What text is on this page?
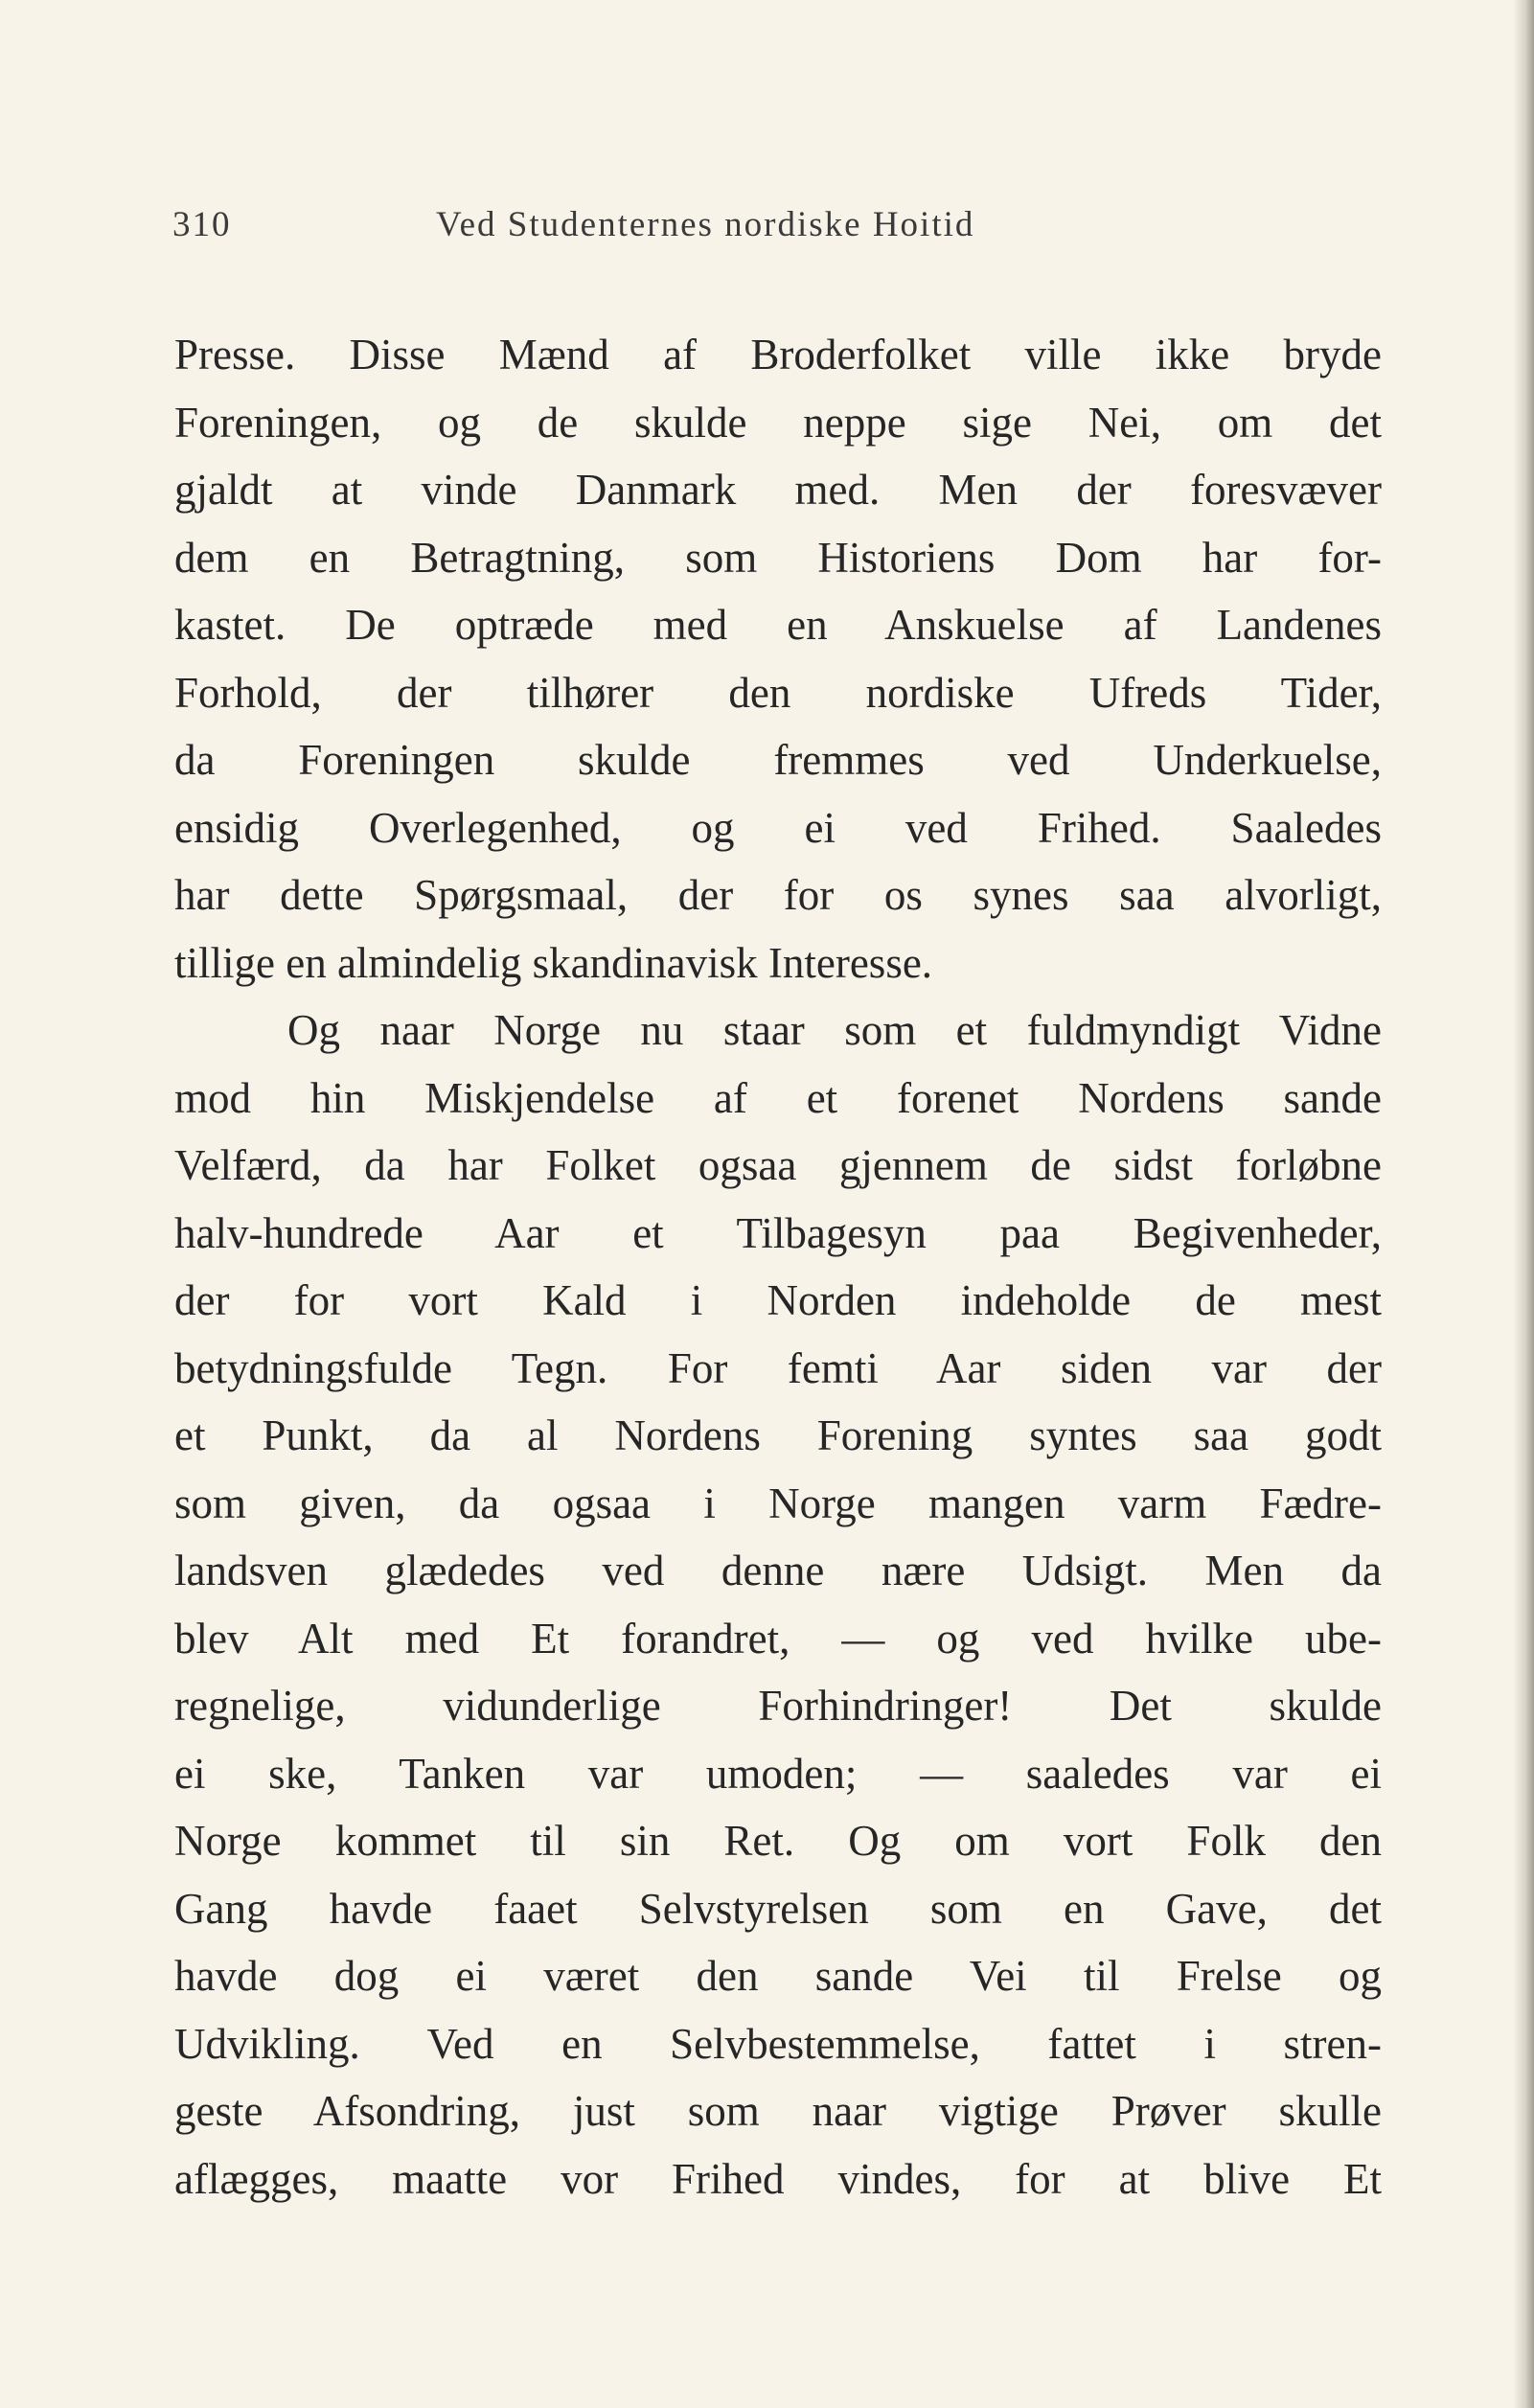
310	Ved Studenternes nordiske Hoitid
Presse. Disse Mænd af Broderfolket ville ikke bryde
Foreningen, og de skulde neppe sige Nei, om det
gjaldt at vinde Danmark med. Men der foresvæver
dem en Betragtning, som Historiens Dom har for-
kastet. De optræde med en Anskuelse af Landenes
Forhold, der tilhører den nordiske Ufreds Tider,
da Foreningen skulde fremmes ved Underkuelse,
ensidig Overlegenhed, og ei ved Frihed. Saaledes
har dette Spørgsmaal, der for os synes saa alvorligt,
tillige en almindelig skandinavisk Interesse.
Og naar Norge nu staar som et fuldmyndigt Vidne
mod hin Miskjendelse af et forenet Nordens sande
Velfærd, da har Folket ogsaa gjennem de sidst forløbne
halv-hundrede Aar et Tilbagesyn paa Begivenheder,
der for vort Kald i Norden indeholde de mest
betydningsfulde Tegn. For femti Aar siden var der
et Punkt, da al Nordens Forening syntes saa godt
som given, da ogsaa i Norge mangen varm Fædre-
landsven glædedes ved denne nære Udsigt. Men da
blev Alt med Et forandret, — og ved hvilke ube-
regnelige, vidunderlige Forhindringer! Det skulde
ei ske, Tanken var umoden; — saaledes var ei
Norge kommet til sin Ret. Og om vort Folk den
Gang havde faaet Selvstyrelsen som en Gave, det
havde dog ei været den sande Vei til Frelse og
Udvikling. Ved en Selvbestemmelse, fattet i stren-
geste Afsondring, just som naar vigtige Prøver skulle
aflægges, maatte vor Frihed vindes, for at blive Et
